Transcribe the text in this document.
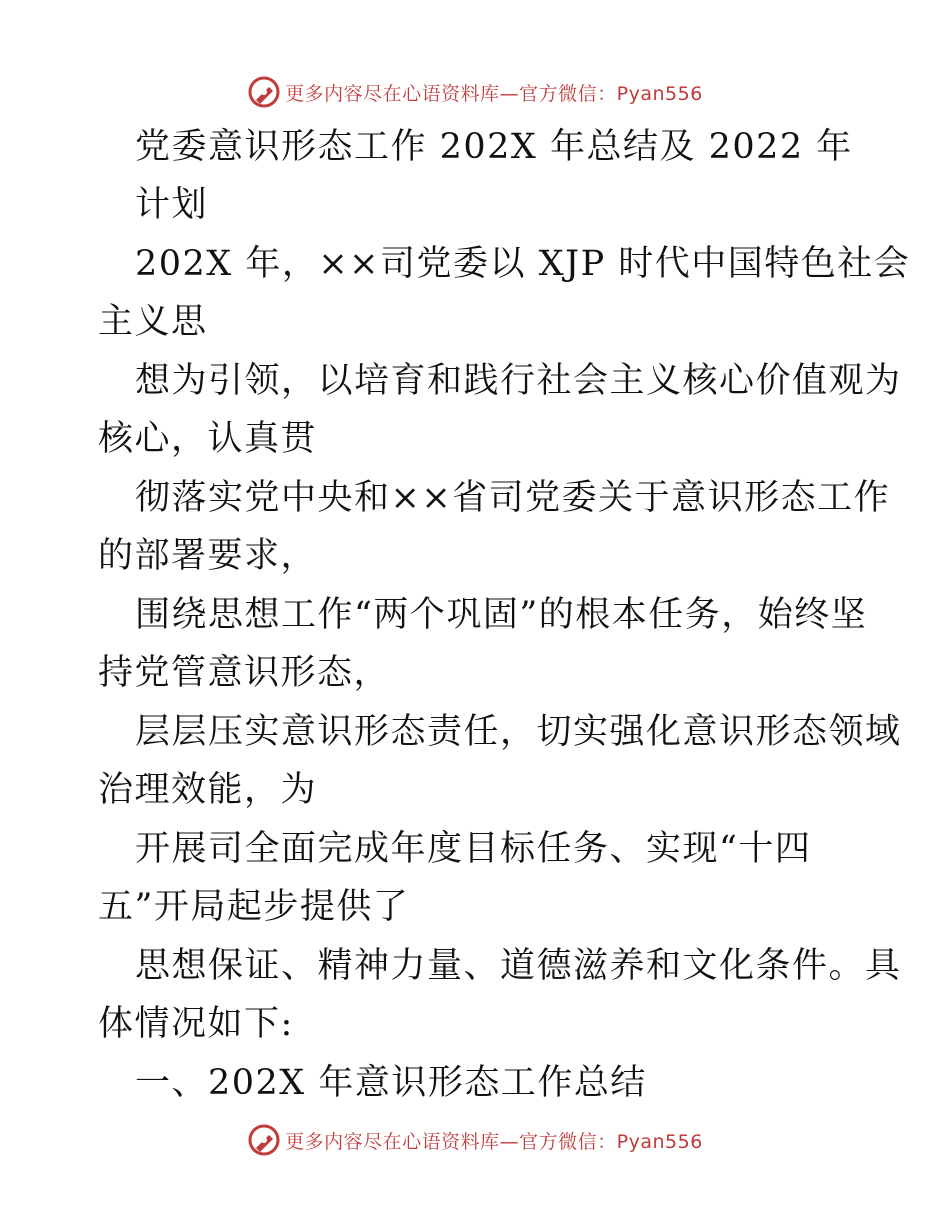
更多内容尽在心语资料库—官方微信：Pyan556
党委意识形态工作 202X 年总结及 2022 年
计划
202X 年，××司党委以 XJP 时代中国特色社会
主义思
想为引领，以培育和践行社会主义核心价值观为
核心，认真贯
彻落实党中央和××省司党委关于意识形态工作
的部署要求，
围绕思想工作“两个巩固”的根本任务，始终坚
持党管意识形态，
层层压实意识形态责任，切实强化意识形态领域
治理效能，为
开展司全面完成年度目标任务、实现“十四
五”开局起步提供了
思想保证、精神力量、道德滋养和文化条件。具
体情况如下:
一、202X 年意识形态工作总结
更多内容尽在心语资料库—官方微信：Pyan556
